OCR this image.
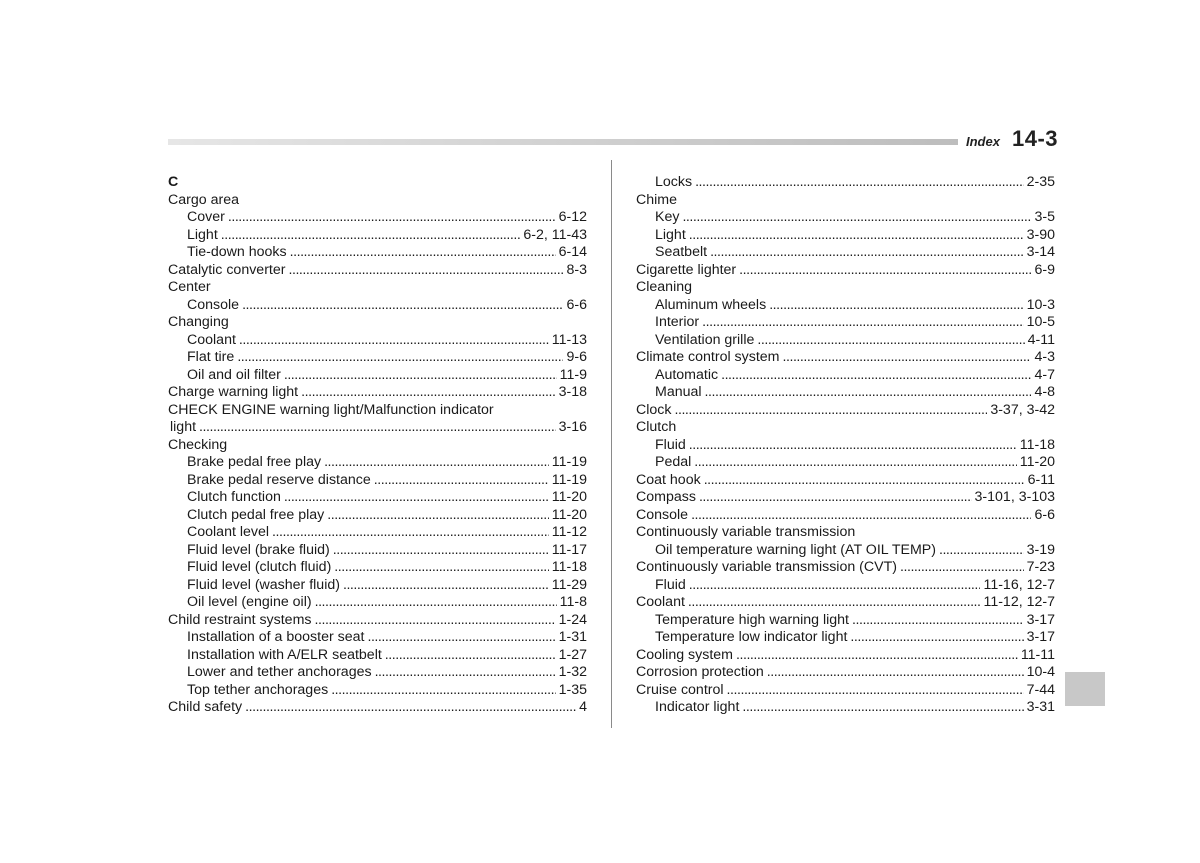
Index 14-3
C
Cargo area
Cover . . .	6-12
Light . . .	6-2, 11-43
Tie-down hooks . . .	6-14
Catalytic converter . . .	8-3
Center
Console . . .	6-6
Changing
Coolant . . .	11-13
Flat tire . . .	9-6
Oil and oil filter . . .	11-9
Charge warning light . . .	3-18
CHECK ENGINE warning light/Malfunction indicator
light . . .	3-16
Checking
Brake pedal free play . . .	11-19
Brake pedal reserve distance . . .	11-19
Clutch function . . .	11-20
Clutch pedal free play . . .	11-20
Coolant level . . .	11-12
Fluid level (brake fluid) . . .	11-17
Fluid level (clutch fluid) . . .	11-18
Fluid level (washer fluid) . . .	11-29
Oil level (engine oil) . . .	11-8
Child restraint systems . . .	1-24
Installation of a booster seat . . .	1-31
Installation with A/ELR seatbelt . . .	1-27
Lower and tether anchorages . . .	1-32
Top tether anchorages . . .	1-35
Child safety . . .	4
Locks . . .	2-35
Chime
Key . . .	3-5
Light . . .	3-90
Seatbelt . . .	3-14
Cigarette lighter . . .	6-9
Cleaning
Aluminum wheels . . .	10-3
Interior . . .	10-5
Ventilation grille . . .	4-11
Climate control system . . .	4-3
Automatic . . .	4-7
Manual . . .	4-8
Clock . . .	3-37, 3-42
Clutch
Fluid . . .	11-18
Pedal . . .	11-20
Coat hook . . .	6-11
Compass . . .	3-101, 3-103
Console . . .	6-6
Continuously variable transmission
Oil temperature warning light (AT OIL TEMP) . . .	3-19
Continuously variable transmission (CVT) . . .	7-23
Fluid . . .	11-16, 12-7
Coolant . . .	11-12, 12-7
Temperature high warning light . . .	3-17
Temperature low indicator light . . .	3-17
Cooling system . . .	11-11
Corrosion protection . . .	10-4
Cruise control . . .	7-44
Indicator light . . .	3-31
